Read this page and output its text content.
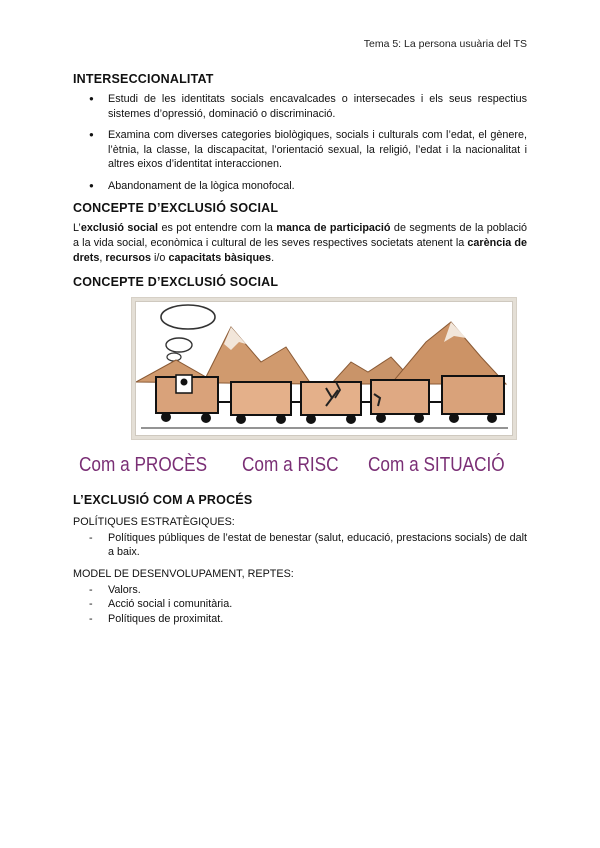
Tema 5: La persona usuària del TS
INTERSECCIONALITAT
● Estudi de les identitats socials encavalcades o intersecades i els seus respectius sistemes d’opressió, dominació o discriminació.
● Examina com diverses categories biològiques, socials i culturals com l’edat, el gènere, l’ètnia, la classe, la discapacitat, l’orientació sexual, la religió, l’edat i la nacionalitat i altres eixos d’identitat interaccionen.
● Abandonament de la lògica monofocal.
CONCEPTE D’EXCLUSIÓ SOCIAL

L’exclusió social es pot entendre com la manca de participació de segments de la població a la vida social, econòmica i cultural de les seves respectives societats atenent la carència de drets, recursos i/o capacitats bàsiques.

CONCEPTE D’EXCLUSIÓ SOCIAL
Com a PROCÈS Com a RISC Com a SITUACIÓ
L’EXCLUSIÓ COM A PROCÉS

POLÍTIQUES ESTRATÈGIQUES:

- Polítiques públiques de l’estat de benestar (salut, educació, prestacions socials) de dalt a baix.

MODEL DE DESENVOLUPAMENT, REPTES:

- Valors.
- Acció social i comunitària.
- Polítiques de proximitat.
